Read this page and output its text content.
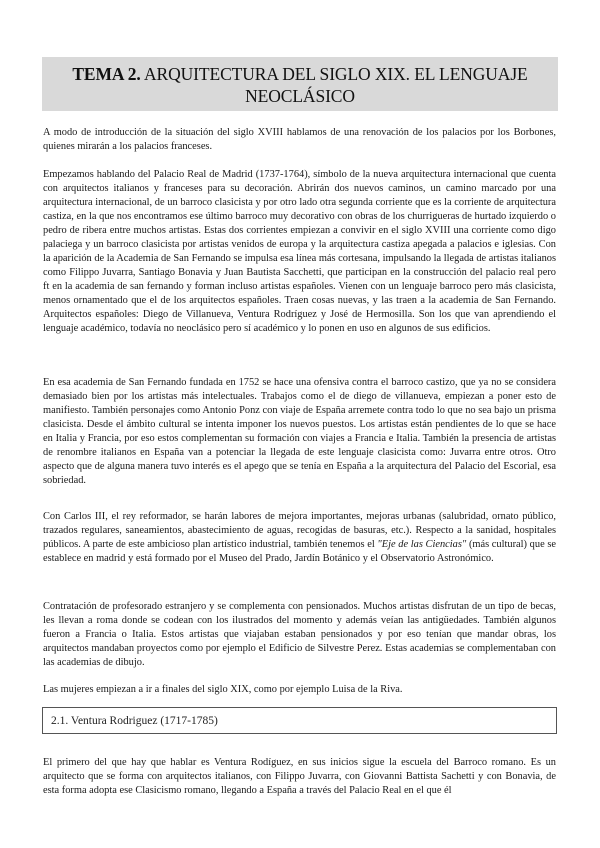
TEMA 2. ARQUITECTURA DEL SIGLO XIX. EL LENGUAJE
NEOCLÁSICO

A modo de introducción de la situación del siglo XVIII hablamos de una renovación de los palacios por los Borbones, quienes mirarán a los palacios franceses.

Empezamos hablando del Palacio Real de Madrid (1737-1764), símbolo de la nueva arquitectura internacional que cuenta con arquitectos italianos y franceses para su decoración. Abrirán dos nuevos caminos, un camino marcado por una arquitectura internacional, de un barroco clasicista y por otro lado otra segunda corriente que es la corriente de arquitectura castiza, en la que nos encontramos ese último barroco muy decorativo con obras de los churrigueras de hurtado izquierdo o pedro de ribera entre muchos artistas. Estas dos corrientes empiezan a convivir en el siglo XVIII una corriente como digo palaciega y un barroco clasicista por artistas venidos de europa y la arquitectura castiza apegada a palacios e iglesias. Con la aparición de la Academia de San Fernando se impulsa esa línea más cortesana, impulsando la llegada de artistas italianos como Filippo Juvarra, Santiago Bonavia y Juan Bautista Sacchetti, que participan en la construcción del palacio real pero ft en la academia de san fernando y forman incluso artistas españoles. Vienen con un lenguaje barroco pero más clasicista, menos ornamentado que el de los arquitectos españoles. Traen cosas nuevas, y las traen a la academia de San Fernando. Arquitectos españoles: Diego de Villanueva, Ventura Rodríguez y José de Hermosilla. Son los que van aprendiendo el lenguaje académico, todavía no neoclásico pero sí académico y lo ponen en uso en algunos de sus edificios.

En esa academia de San Fernando fundada en 1752 se hace una ofensiva contra el barroco castizo, que ya no se considera demasiado bien por los artistas más intelectuales. Trabajos como el de diego de villanueva, empiezan a poner esto de manifiesto. También personajes como Antonio Ponz con viaje de España arremete contra todo lo que no sea bajo un prisma clasicista. Desde el ámbito cultural se intenta imponer los nuevos puestos. Los artistas están pendientes de lo que se hace en Italia y Francia, por eso estos complementan su formación con viajes a Francia e Italia. También la presencia de artistas de renombre italianos en España van a potenciar la llegada de este lenguaje clasicista como: Juvarra entre otros. Otro aspecto que de alguna manera tuvo interés es el apego que se tenía en España a la arquitectura del Palacio del Escorial, esa sobriedad.

Con Carlos III, el rey reformador, se harán labores de mejora importantes, mejoras urbanas (salubridad, ornato público, trazados regulares, saneamientos, abastecimiento de aguas, recogidas de basuras, etc.). Respecto a la sanidad, hospitales públicos. A parte de este ambicioso plan artístico industrial, también tenemos el "Eje de las Ciencias" (más cultural) que se establece en madrid y está formado por el Museo del Prado, Jardín Botánico y el Observatorio Astronómico.

Contratación de profesorado estranjero y se complementa con pensionados. Muchos artistas disfrutan de un tipo de becas, les llevan a roma donde se codean con los ilustrados del momento y además veían las antigüedades. También algunos fueron a Francia o Italia. Estos artistas que viajaban estaban pensionados y por eso tenían que mandar obras, los arquitectos mandaban proyectos como por ejemplo el Edificio de Silvestre Perez. Estas academias se complementaban con las academias de dibujo.

Las mujeres empiezan a ir a finales del siglo XIX, como por ejemplo Luisa de la Riva.

2.1. Ventura Rodriguez (1717-1785)

El primero del que hay que hablar es Ventura Rodíguez, en sus inicios sigue la escuela del Barroco romano. Es un arquitecto que se forma con arquitectos italianos, con Filippo Juvarra, con Giovanni Battista Sachetti y con Bonavia, de esta forma adopta ese Clasicismo romano, llegando a España a través del Palacio Real en el que él
